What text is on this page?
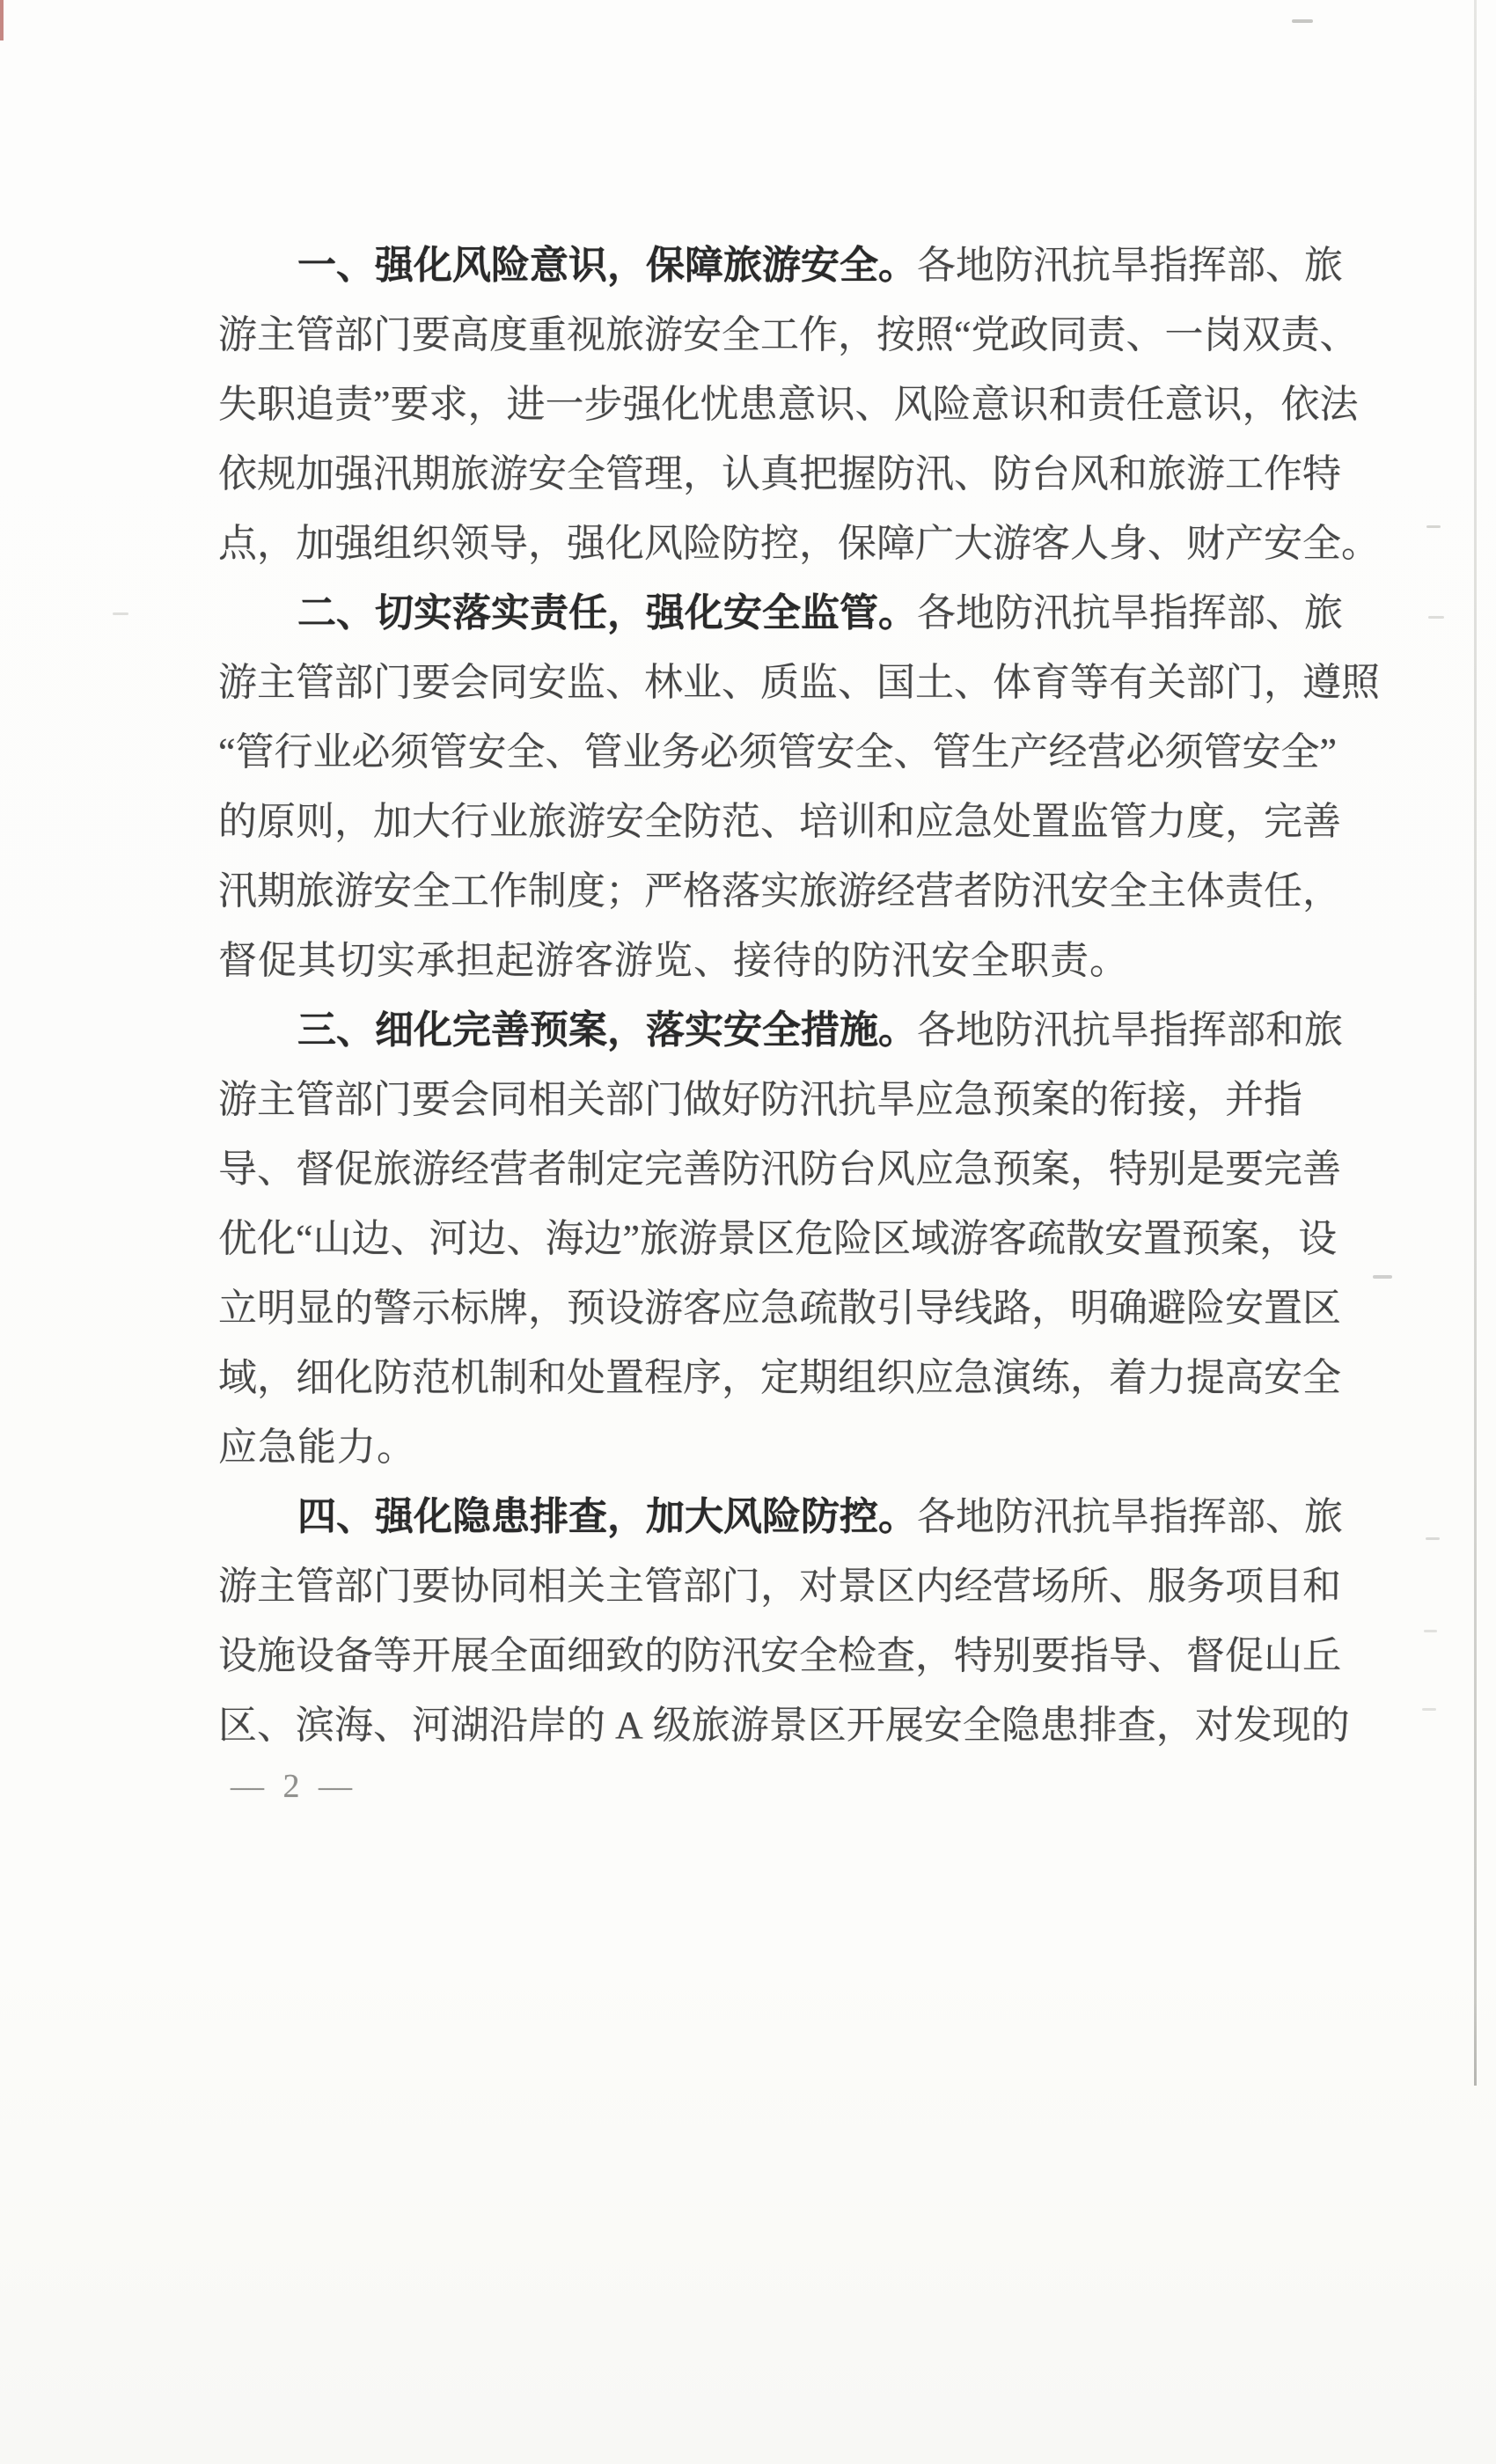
一 、 强 化 风 险 意 识 ， 保 障 旅 游 安 全 。 各 地 防 汛 抗 旱 指 挥 部 、 旅
游 主 管 部 门 要 高 度 重 视 旅 游 安 全 工 作 ， 按 照 “ 党 政 同 责 、 一 岗 双 责 、
失 职 追 责 ” 要 求 ， 进 一 步 强 化 忧 患 意 识 、 风 险 意 识 和 责 任 意 识 ， 依 法
依 规 加 强 汛 期 旅 游 安 全 管 理 ， 认 真 把 握 防 汛 、 防 台 风 和 旅 游 工 作 特
点 ， 加 强 组 织 领 导 ， 强 化 风 险 防 控 ， 保 障 广 大 游 客 人 身 、 财 产 安 全 。
二 、 切 实 落 实 责 任 ， 强 化 安 全 监 管 。 各 地 防 汛 抗 旱 指 挥 部 、 旅
游 主 管 部 门 要 会 同 安 监 、 林 业 、 质 监 、 国 土 、 体 育 等 有 关 部 门 ， 遵 照
“ 管 行 业 必 须 管 安 全 、 管 业 务 必 须 管 安 全 、 管 生 产 经 营 必 须 管 安 全 ”
的 原 则 ， 加 大 行 业 旅 游 安 全 防 范 、 培 训 和 应 急 处 置 监 管 力 度 ， 完 善
汛 期 旅 游 安 全 工 作 制 度 ； 严 格 落 实 旅 游 经 营 者 防 汛 安 全 主 体 责 任 ，
督 促 其 切 实 承 担 起 游 客 游 览 、 接 待 的 防 汛 安 全 职 责 。
三 、 细 化 完 善 预 案 ， 落 实 安 全 措 施 。 各 地 防 汛 抗 旱 指 挥 部 和 旅
游 主 管 部 门 要 会 同 相 关 部 门 做 好 防 汛 抗 旱 应 急 预 案 的 衔 接 ， 并 指
导 、 督 促 旅 游 经 营 者 制 定 完 善 防 汛 防 台 风 应 急 预 案 ， 特 别 是 要 完 善
优 化 “ 山 边 、 河 边 、 海 边 ” 旅 游 景 区 危 险 区 域 游 客 疏 散 安 置 预 案 ， 设
立 明 显 的 警 示 标 牌 ， 预 设 游 客 应 急 疏 散 引 导 线 路 ， 明 确 避 险 安 置 区
域 ， 细 化 防 范 机 制 和 处 置 程 序 ， 定 期 组 织 应 急 演 练 ， 着 力 提 高 安 全
应 急 能 力 。
四 、 强 化 隐 患 排 查 ， 加 大 风 险 防 控 。 各 地 防 汛 抗 旱 指 挥 部 、 旅
游 主 管 部 门 要 协 同 相 关 主 管 部 门 ， 对 景 区 内 经 营 场 所 、 服 务 项 目 和
设 施 设 备 等 开 展 全 面 细 致 的 防 汛 安 全 检 查 ， 特 别 要 指 导 、 督 促 山 丘
区 、 滨 海 、 河 湖 沿 岸 的
A
级 旅 游 景 区 开 展 安 全 隐 患 排 查 ， 对 发 现 的
— 2 —
